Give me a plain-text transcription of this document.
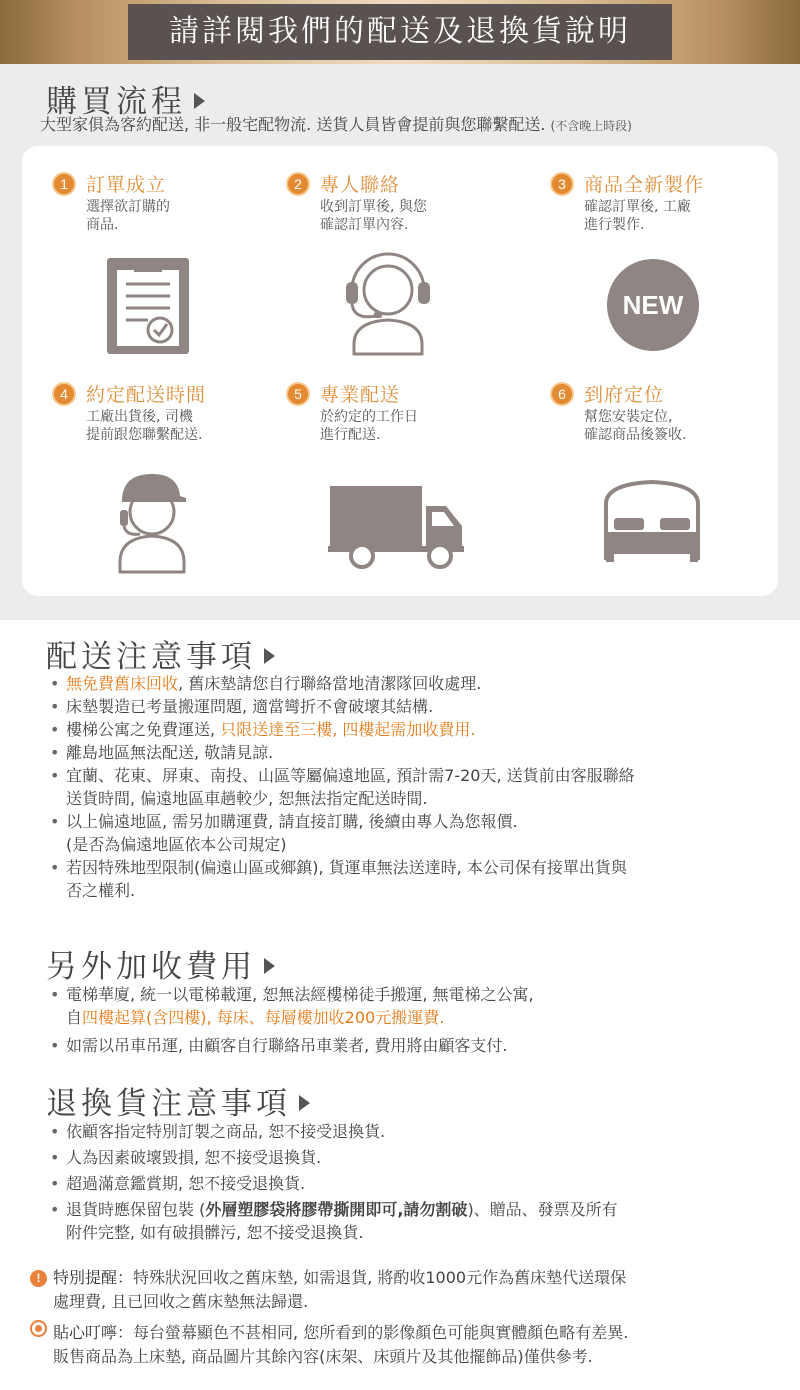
請詳閱我們的配送及退換貨說明
購買流程
大型家俱為客約配送, 非一般宅配物流. 送貨人員皆會提前與您聯繫配送. (不含晚上時段)
1 訂單成立
選擇欲訂購的
商品.
2 專人聯絡
收到訂單後, 與您
確認訂單內容.
3 商品全新製作
確認訂單後, 工廠
進行製作.
4 約定配送時間
工廠出貨後, 司機
提前跟您聯繫配送.
5 專業配送
於約定的工作日
進行配送.
6 到府定位
幫您安裝定位,
確認商品後簽收.
NEW
配送注意事項
• 無免費舊床回收, 舊床墊請您自行聯絡當地清潔隊回收處理.
• 床墊製造已考量搬運問題, 適當彎折不會破壞其結構.
• 樓梯公寓之免費運送, 只限送達至三樓, 四樓起需加收費用.
• 離島地區無法配送, 敬請見諒.
• 宜蘭、花東、屏東、南投、山區等屬偏遠地區, 預計需7-20天, 送貨前由客服聯絡
送貨時間, 偏遠地區車趟較少, 恕無法指定配送時間.
• 以上偏遠地區, 需另加購運費, 請直接訂購, 後續由專人為您報價.
(是否為偏遠地區依本公司規定)
• 若因特殊地型限制(偏遠山區或鄉鎮), 貨運車無法送達時, 本公司保有接單出貨與
否之權利.
另外加收費用
• 電梯華廈, 統一以電梯載運, 恕無法經樓梯徒手搬運, 無電梯之公寓,
自四樓起算(含四樓), 每床、每層樓加收200元搬運費.
• 如需以吊車吊運, 由顧客自行聯絡吊車業者, 費用將由顧客支付.
退換貨注意事項
• 依顧客指定特別訂製之商品, 恕不接受退換貨.
• 人為因素破壞毀損, 恕不接受退換貨.
• 超過滿意鑑賞期, 恕不接受退換貨.
• 退貨時應保留包裝 (外層塑膠袋將膠帶撕開即可,請勿割破)、贈品、發票及所有
附件完整, 如有破損髒污, 恕不接受退換貨.
! 特別提醒：特殊狀況回收之舊床墊, 如需退貨, 將酌收1000元作為舊床墊代送環保
處理費, 且已回收之舊床墊無法歸還.
貼心叮嚀：每台螢幕顯色不甚相同, 您所看到的影像顏色可能與實體顏色略有差異.
販售商品為上床墊, 商品圖片其餘內容(床架、床頭片及其他擺飾品)僅供參考.
